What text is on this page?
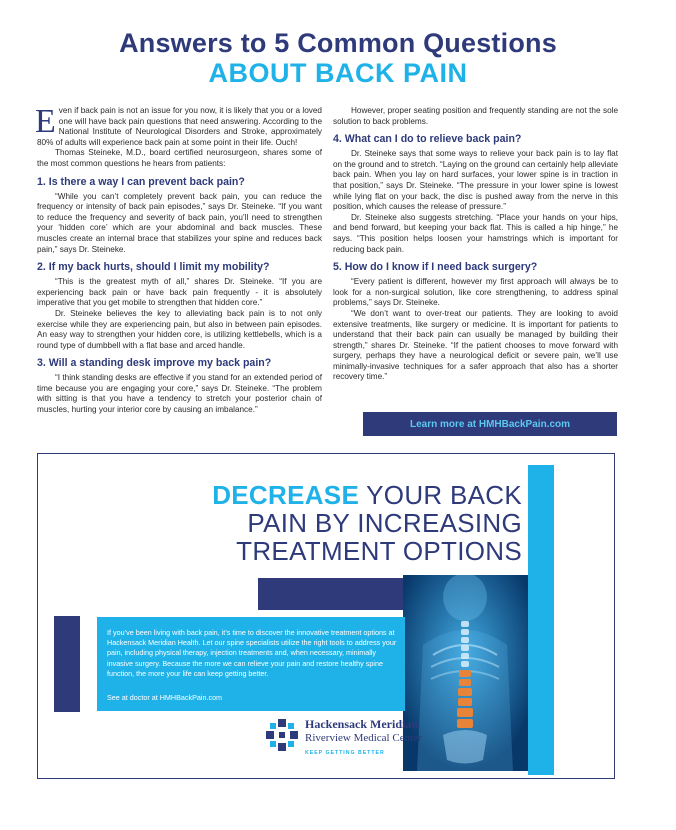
Answers to 5 Common Questions
ABOUT BACK PAIN

Even if back pain is not an issue for you now, it is likely that you or a loved one will have back pain questions that need answering. According to the National Institute of Neurological Disorders and Stroke, approximately 80% of adults will experience back pain at some point in their life. Ouch!

Thomas Steineke, M.D., board certified neurosurgeon, shares some of the most common questions he hears from patients:

1. Is there a way I can prevent back pain?

“While you can’t completely prevent back pain, you can reduce the frequency or intensity of back pain episodes,” says Dr. Steineke. “If you want to reduce the frequency and severity of back pain, you’ll need to strengthen your ‘hidden core’ which are your abdominal and back muscles. These muscles create an internal brace that stabilizes your spine and reduces back pain,” says Dr. Steineke.

2. If my back hurts, should I limit my mobility?

“This is the greatest myth of all,” shares Dr. Steineke. “If you are experiencing back pain or have back pain frequently - it is absolutely imperative that you get mobile to strengthen that hidden core.”

Dr. Steineke believes the key to alleviating back pain is to not only exercise while they are experiencing pain, but also in between pain episodes. An easy way to strengthen your hidden core, is utilizing kettlebells, which is a round type of dumbbell with a flat base and arced handle.

3. Will a standing desk improve my back pain?

“I think standing desks are effective if you stand for an extended period of time because you are engaging your core,” says Dr. Steineke. “The problem with sitting is that you have a tendency to stretch your posterior chain of muscles, hurting your interior core by causing an imbalance.”

However, proper seating position and frequently standing are not the sole solution to back problems.

4. What can I do to relieve back pain?

Dr. Steineke says that some ways to relieve your back pain is to lay flat on the ground and to stretch. “Laying on the ground can certainly help alleviate back pain. When you lay on hard surfaces, your lower spine is in traction in that position,” says Dr. Steineke. “The pressure in your lower spine is lowest while lying flat on your back, the disc is pushed away from the nerve in this position, which causes the release of pressure.”

Dr. Steineke also suggests stretching. “Place your hands on your hips, and bend forward, but keeping your back flat. This is called a hip hinge,” he says. “This position helps loosen your hamstrings which is important for reducing back pain.

5. How do I know if I need back surgery?

“Every patient is different, however my first approach will always be to look for a non-surgical solution, like core strengthening, to address spinal problems,” says Dr. Steineke.

“We don’t want to over-treat our patients. They are looking to avoid extensive treatments, like surgery or medicine. It is important for patients to understand that their back pain can usually be managed by building their strength,” shares Dr. Steineke. “If the patient chooses to move forward with surgery, perhaps they have a neurological deficit or severe pain, we’ll use minimally-invasive techniques for a safer approach that also has a shorter recovery time.”

Learn more at HMHBackPain.com
DECREASE YOUR BACK
PAIN BY INCREASING
TREATMENT OPTIONS

If you’ve been living with back pain, it’s time to discover the innovative treatment options at Hackensack Meridian Health. Let our spine specialists utilize the right tools to address your pain, including physical therapy, injection treatments and, when necessary, minimally invasive surgery. Because the more we can relieve your pain and restore healthy spine function, the more your life can keep getting better.

See at doctor at HMHBackPain.com

Hackensack Meridian
Riverview Medical Center
KEEP GETTING BETTER
